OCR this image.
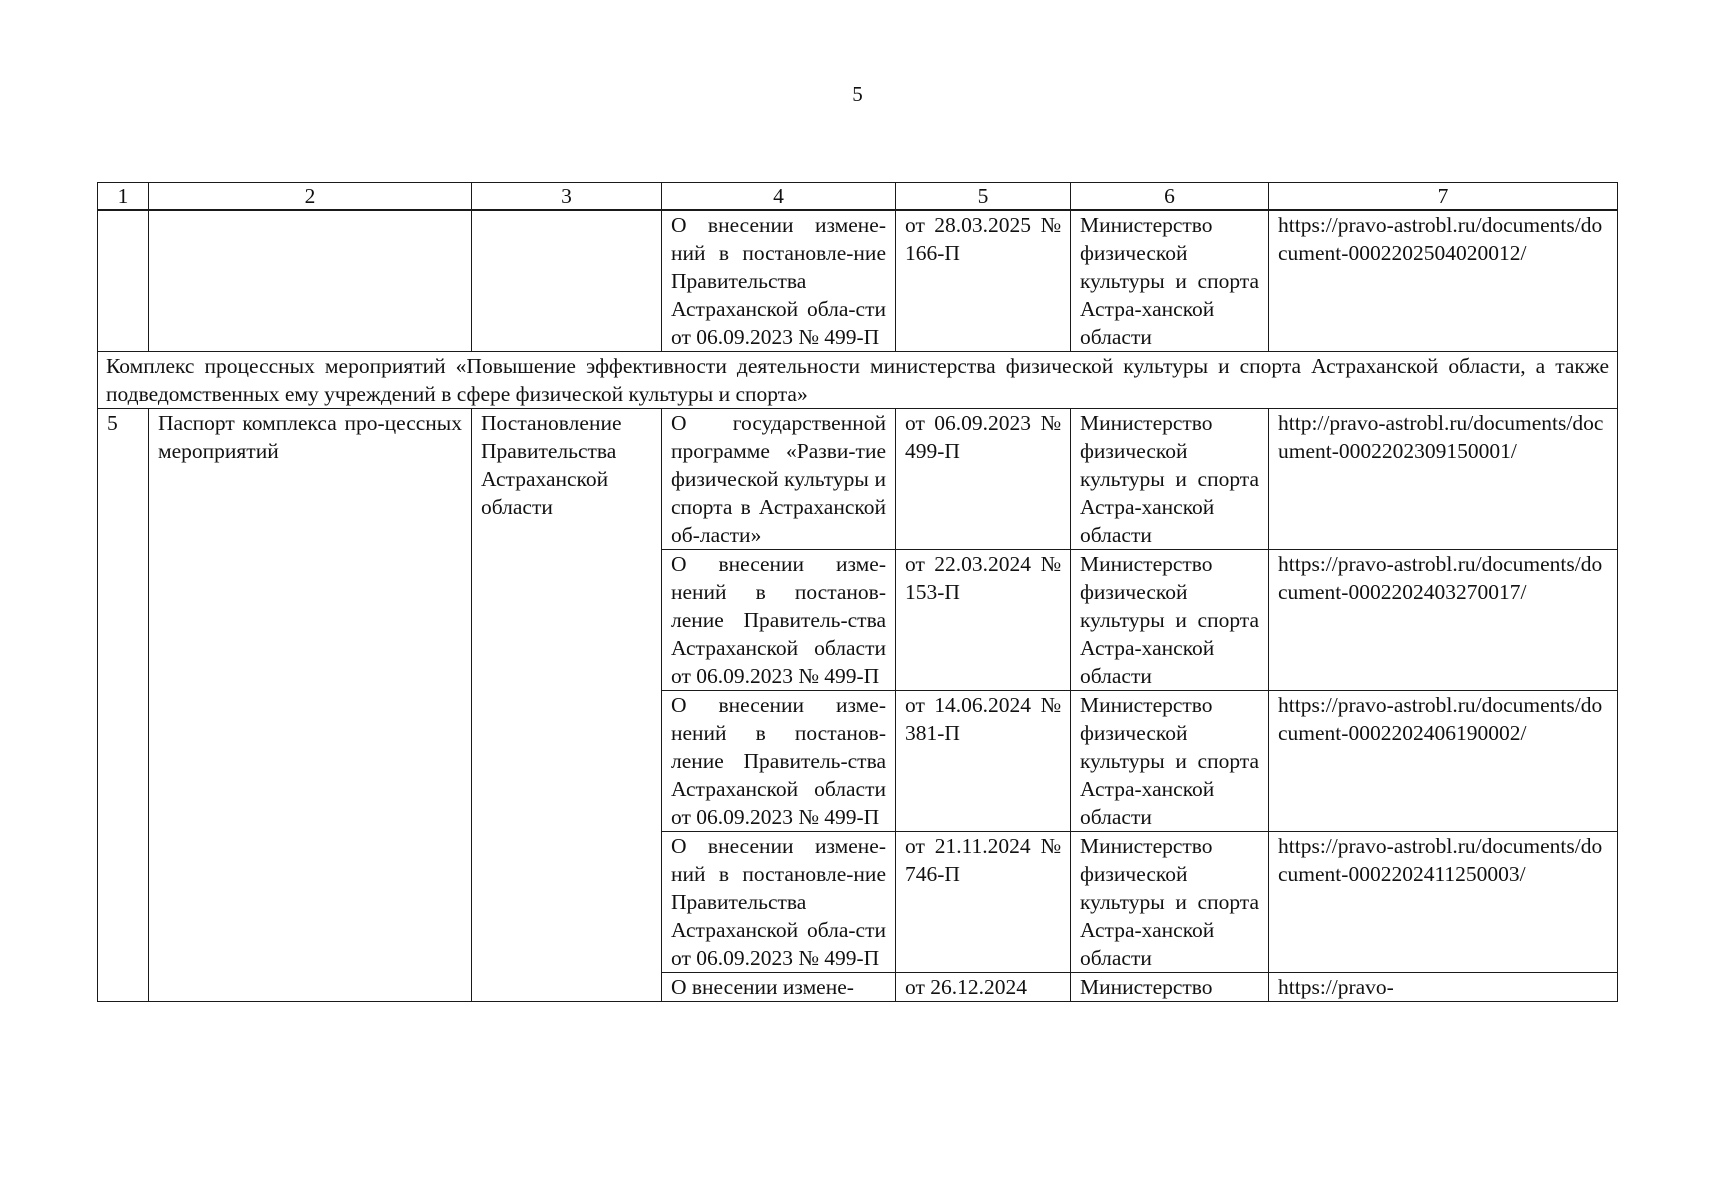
5
1	2	3	4	5	6	7
			О внесении измене-ний в постановле-ние Правительства Астраханской обла-сти от 06.09.2023 № 499-П	от 28.03.2025 № 166-П	Министерство физической культуры и спорта Астра-ханской области	https://pravo-astrobl.ru/documents/document-0002202504020012/
Комплекс процессных мероприятий «Повышение эффективности деятельности министерства физической культуры и спорта Астраханской области, а также подведомственных ему учреждений в сфере физической культуры и спорта»						
5	Паспорт комплекса про-цессных мероприятий	Постановление Правительства Астраханской области	О государственной программе «Разви-тие физической культуры и спорта в Астраханской об-ласти»	от 06.09.2023 № 499-П	Министерство физической культуры и спорта Астра-ханской области	http://pravo-astrobl.ru/documents/document-0002202309150001/
			О внесении изме-нений в постанов-ление Правитель-ства Астраханской области от 06.09.2023 № 499-П	от 22.03.2024 № 153-П	Министерство физической культуры и спорта Астра-ханской области	https://pravo-astrobl.ru/documents/document-0002202403270017/
			О внесении изме-нений в постанов-ление Правитель-ства Астраханской области от 06.09.2023 № 499-П	от 14.06.2024 № 381-П	Министерство физической культуры и спорта Астра-ханской области	https://pravo-astrobl.ru/documents/document-0002202406190002/
			О внесении измене-ний в постановле-ние Правительства Астраханской обла-сти от 06.09.2023 № 499-П	от 21.11.2024 № 746-П	Министерство физической культуры и спорта Астра-ханской области	https://pravo-astrobl.ru/documents/document-0002202411250003/
			О внесении измене-	от 26.12.2024	Министерство	https://pravo-
